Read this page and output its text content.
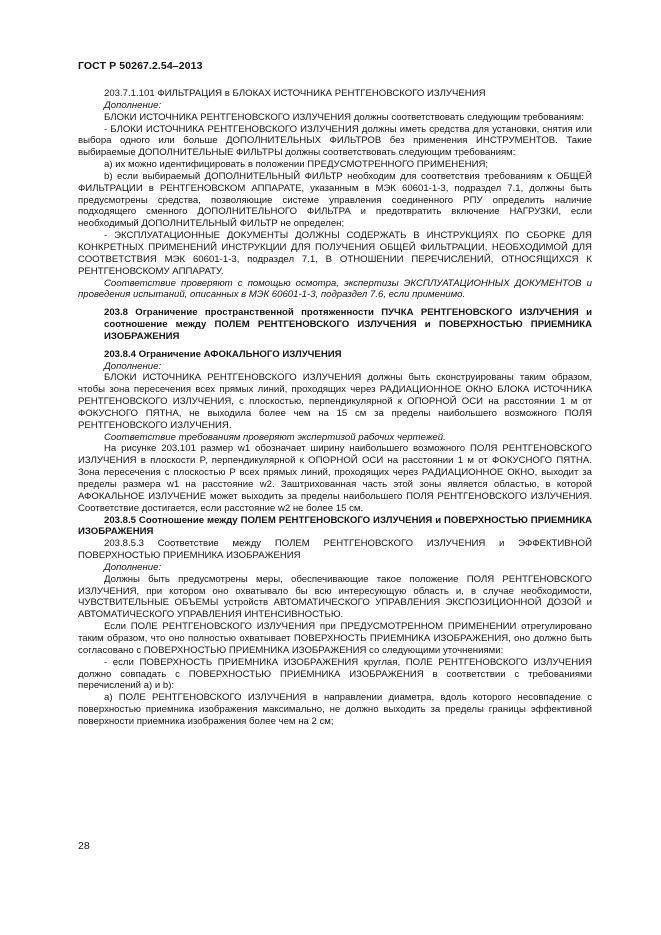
ГОСТ Р 50267.2.54–2013

203.7.1.101 ФИЛЬТРАЦИЯ в БЛОКАХ ИСТОЧНИКА РЕНТГЕНОВСКОГО ИЗЛУЧЕНИЯ

Дополнение:

БЛОКИ ИСТОЧНИКА РЕНТГЕНОВСКОГО ИЗЛУЧЕНИЯ должны соответствовать следующим требованиям:

- БЛОКИ ИСТОЧНИКА РЕНТГЕНОВСКОГО ИЗЛУЧЕНИЯ должны иметь средства для установки, снятия или выбора одного или больше ДОПОЛНИТЕЛЬНЫХ ФИЛЬТРОВ без применения ИНСТРУМЕНТОВ. Такие выбираемые ДОПОЛНИТЕЛЬНЫЕ ФИЛЬТРЫ должны соответствовать следующим требованиям:

a) их можно идентифицировать в положении ПРЕДУСМОТРЕННОГО ПРИМЕНЕНИЯ;

b) если выбираемый ДОПОЛНИТЕЛЬНЫЙ ФИЛЬТР необходим для соответствия требованиям к ОБЩЕЙ ФИЛЬТРАЦИИ в РЕНТГЕНОВСКОМ АППАРАТЕ, указанным в МЭК 60601-1-3, подраздел 7.1, должны быть предусмотрены средства, позволяющие системе управления соединенного РПУ определить наличие подходящего сменного ДОПОЛНИТЕЛЬНОГО ФИЛЬТРА и предотвратить включение НАГРУЗКИ, если необходимый ДОПОЛНИТЕЛЬНЫЙ ФИЛЬТР не определен;

- ЭКСПЛУАТАЦИОННЫЕ ДОКУМЕНТЫ ДОЛЖНЫ СОДЕРЖАТЬ В ИНСТРУКЦИЯХ ПО СБОРКЕ ДЛЯ КОНКРЕТНЫХ ПРИМЕНЕНИЙ ИНСТРУКЦИИ ДЛЯ ПОЛУЧЕНИЯ ОБЩЕЙ ФИЛЬТРАЦИИ, НЕОБХОДИМОЙ ДЛЯ СООТВЕТСТВИЯ МЭК 60601-1-3, подраздел 7.1, В ОТНОШЕНИИ ПЕРЕЧИСЛЕНИЙ, ОТНОСЯЩИХСЯ К РЕНТГЕНОВСКОМУ АППАРАТУ.

Соответствие проверяют с помощью осмотра, экспертизы ЭКСПЛУАТАЦИОННЫХ ДОКУМЕНТОВ и проведения испытаний, описанных в МЭК 60601-1-3, подраздел 7.6, если применимо.

203.8 Ограничение пространственной протяженности ПУЧКА РЕНТГЕНОВСКОГО ИЗЛУЧЕНИЯ и соотношение между ПОЛЕМ РЕНТГЕНОВСКОГО ИЗЛУЧЕНИЯ и ПОВЕРХНОСТЬЮ ПРИЕМНИКА ИЗОБРАЖЕНИЯ

203.8.4 Ограничение АФОКАЛЬНОГО ИЗЛУЧЕНИЯ

Дополнение:

БЛОКИ ИСТОЧНИКА РЕНТГЕНОВСКОГО ИЗЛУЧЕНИЯ должны быть сконструированы таким образом, чтобы зона пересечения всех прямых линий, проходящих через РАДИАЦИОННОЕ ОКНО БЛОКА ИСТОЧНИКА РЕНТГЕНОВСКОГО ИЗЛУЧЕНИЯ, с плоскостью, перпендикулярной к ОПОРНОЙ ОСИ на расстоянии 1 м от ФОКУСНОГО ПЯТНА, не выходила более чем на 15 см за пределы наибольшего возможного ПОЛЯ РЕНТГЕНОВСКОГО ИЗЛУЧЕНИЯ.

Соответствие требованиям проверяют экспертизой рабочих чертежей.

На рисунке 203.101 размер w1 обозначает ширину наибольшего возможного ПОЛЯ РЕНТГЕНОВСКОГО ИЗЛУЧЕНИЯ в плоскости P, перпендикулярной к ОПОРНОЙ ОСИ на расстоянии 1 м от ФОКУСНОГО ПЯТНА. Зона пересечения с плоскостью P всех прямых линий, проходящих через РАДИАЦИОННОЕ ОКНО, выходит за пределы размера w1 на расстояние w2. Заштрихованная часть этой зоны является областью, в которой АФОКАЛЬНОЕ ИЗЛУЧЕНИЕ может выходить за пределы наибольшего ПОЛЯ РЕНТГЕНОВСКОГО ИЗЛУЧЕНИЯ. Соответствие достигается, если расстояние w2 не более 15 см.

203.8.5 Соотношение между ПОЛЕМ РЕНТГЕНОВСКОГО ИЗЛУЧЕНИЯ и ПОВЕРХНОСТЬЮ ПРИЕМНИКА ИЗОБРАЖЕНИЯ

203.8.5.3 Соответствие между ПОЛЕМ РЕНТГЕНОВСКОГО ИЗЛУЧЕНИЯ и ЭФФЕКТИВНОЙ ПОВЕРХНОСТЬЮ ПРИЕМНИКА ИЗОБРАЖЕНИЯ

Дополнение:

Должны быть предусмотрены меры, обеспечивающие такое положение ПОЛЯ РЕНТГЕНОВСКОГО ИЗЛУЧЕНИЯ, при котором оно охватывало бы всю интересующую область и, в случае необходимости, ЧУВСТВИТЕЛЬНЫЕ ОБЪЕМЫ устройств АВТОМАТИЧЕСКОГО УПРАВЛЕНИЯ ЭКСПОЗИЦИОННОЙ ДОЗОЙ и АВТОМАТИЧЕСКОГО УПРАВЛЕНИЯ ИНТЕНСИВНОСТЬЮ.

Если ПОЛЕ РЕНТГЕНОВСКОГО ИЗЛУЧЕНИЯ при ПРЕДУСМОТРЕННОМ ПРИМЕНЕНИИ отрегулировано таким образом, что оно полностью охватывает ПОВЕРХНОСТЬ ПРИЕМНИКА ИЗОБРАЖЕНИЯ, оно должно быть согласовано с ПОВЕРХНОСТЬЮ ПРИЕМНИКА ИЗОБРАЖЕНИЯ со следующими уточнениями:

- если ПОВЕРХНОСТЬ ПРИЕМНИКА ИЗОБРАЖЕНИЯ круглая, ПОЛЕ РЕНТГЕНОВСКОГО ИЗЛУЧЕНИЯ должно совпадать с ПОВЕРХНОСТЬЮ ПРИЕМНИКА ИЗОБРАЖЕНИЯ в соответствии с требованиями перечислений a) и b):

a) ПОЛЕ РЕНТГЕНОВСКОГО ИЗЛУЧЕНИЯ в направлении диаметра, вдоль которого несовпадение с поверхностью приемника изображения максимально, не должно выходить за пределы границы эффективной поверхности приемника изображения более чем на 2 см;

28
